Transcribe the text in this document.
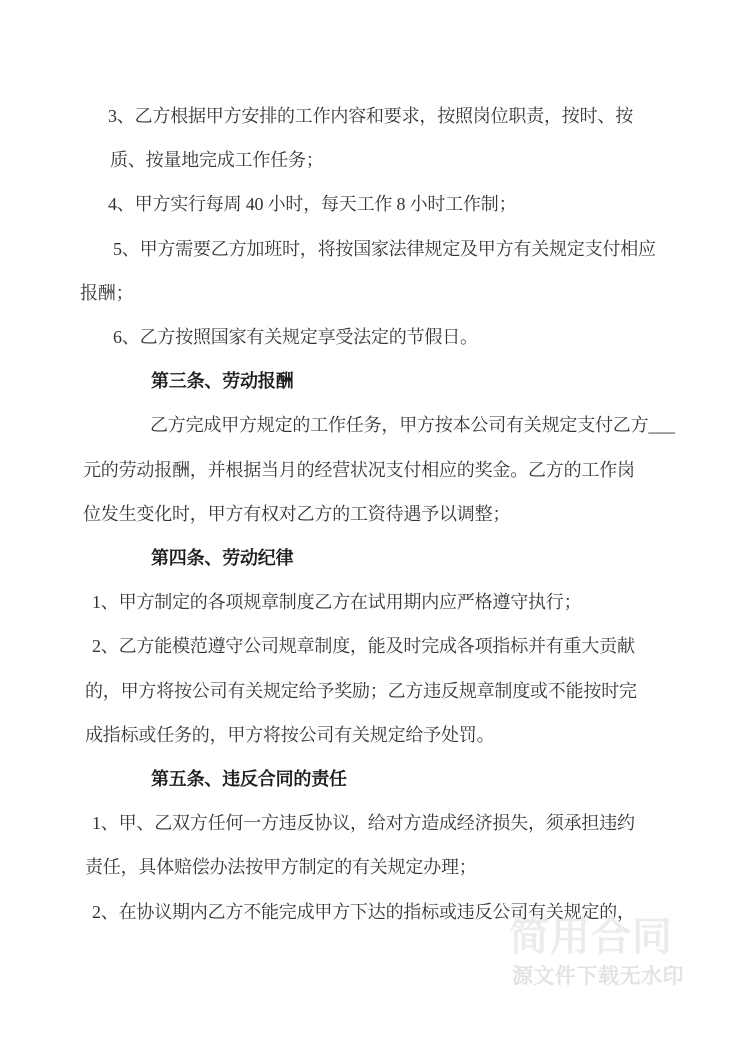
3、乙方根据甲方安排的工作内容和要求，按照岗位职责，按时、按
质、按量地完成工作任务；
4、甲方实行每周 40 小时，每天工作 8 小时工作制；
5、甲方需要乙方加班时，将按国家法律规定及甲方有关规定支付相应
报酬；
6、乙方按照国家有关规定享受法定的节假日。
第三条、劳动报酬
乙方完成甲方规定的工作任务，甲方按本公司有关规定支付乙方___
元的劳动报酬，并根据当月的经营状况支付相应的奖金。乙方的工作岗
位发生变化时，甲方有权对乙方的工资待遇予以调整；
第四条、劳动纪律
1、甲方制定的各项规章制度乙方在试用期内应严格遵守执行；
2、乙方能模范遵守公司规章制度，能及时完成各项指标并有重大贡献
的，甲方将按公司有关规定给予奖励；乙方违反规章制度或不能按时完
成指标或任务的，甲方将按公司有关规定给予处罚。
第五条、违反合同的责任
1、甲、乙双方任何一方违反协议，给对方造成经济损失，须承担违约
责任，具体赔偿办法按甲方制定的有关规定办理；
2、在协议期内乙方不能完成甲方下达的指标或违反公司有关规定的，
简用合同
源文件下载无水印
